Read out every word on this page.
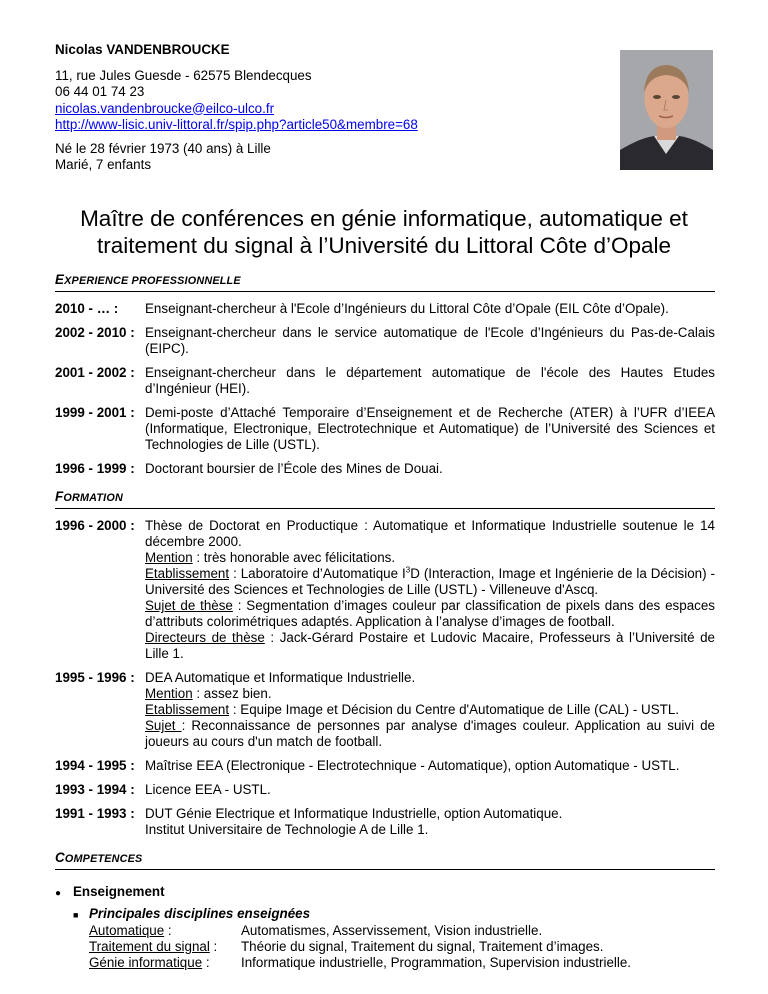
Nicolas VANDENBROUCKE
11, rue Jules Guesde - 62575 Blendecques
06 44 01 74 23
nicolas.vandenbroucke@eilco-ulco.fr
http://www-lisic.univ-littoral.fr/spip.php?article50&membre=68
Né le 28 février 1973 (40 ans) à Lille
Marié, 7 enfants
Maître de conférences en génie informatique, automatique et traitement du signal à l’Université du Littoral Côte d’Opale
EXPERIENCE PROFESSIONNELLE
2010 - … :	Enseignant-chercheur à l'Ecole d’Ingénieurs du Littoral Côte d’Opale (EIL Côte d’Opale).
2002 - 2010 : Enseignant-chercheur dans le service automatique de l'Ecole d’Ingénieurs du Pas-de-Calais (EIPC).
2001 - 2002 : Enseignant-chercheur dans le département automatique de l'école des Hautes Etudes d’Ingénieur (HEI).
1999 - 2001 : Demi-poste d’Attaché Temporaire d’Enseignement et de Recherche (ATER) à l’UFR d’IEEA (Informatique, Electronique, Electrotechnique et Automatique) de l’Université des Sciences et Technologies de Lille (USTL).
1996 - 1999 : Doctorant boursier de l’École des Mines de Douai.
FORMATION
1996 - 2000 : Thèse de Doctorat en Productique : Automatique et Informatique Industrielle soutenue le 14 décembre 2000.
Mention : très honorable avec félicitations.
Etablissement : Laboratoire d’Automatique $I^3D$ (Interaction, Image et Ingénierie de la Décision) - Université des Sciences et Technologies de Lille (USTL) - Villeneuve d'Ascq.
Sujet de thèse : Segmentation d’images couleur par classification de pixels dans des espaces d’attributs colorimétriques adaptés. Application à l’analyse d’images de football.
Directeurs de thèse : Jack-Gérard Postaire et Ludovic Macaire, Professeurs à l’Université de Lille 1.
1995 - 1996 : DEA Automatique et Informatique Industrielle.
Mention : assez bien.
Etablissement : Equipe Image et Décision du Centre d'Automatique de Lille (CAL) - USTL.
Sujet : Reconnaissance de personnes par analyse d'images couleur. Application au suivi de joueurs au cours d'un match de football.
1994 - 1995 : Maîtrise EEA (Electronique - Electrotechnique - Automatique), option Automatique - USTL.
1993 - 1994 : Licence EEA - USTL.
1991 - 1993 : DUT Génie Electrique et Informatique Industrielle, option Automatique.
Institut Universitaire de Technologie A de Lille 1.
COMPETENCES
● Enseignement
■ Principales disciplines enseignées
Automatique :	Automatismes, Asservissement, Vision industrielle.
Traitement du signal :	Théorie du signal, Traitement du signal, Traitement d’images.
Génie informatique :	Informatique industrielle, Programmation, Supervision industrielle.
